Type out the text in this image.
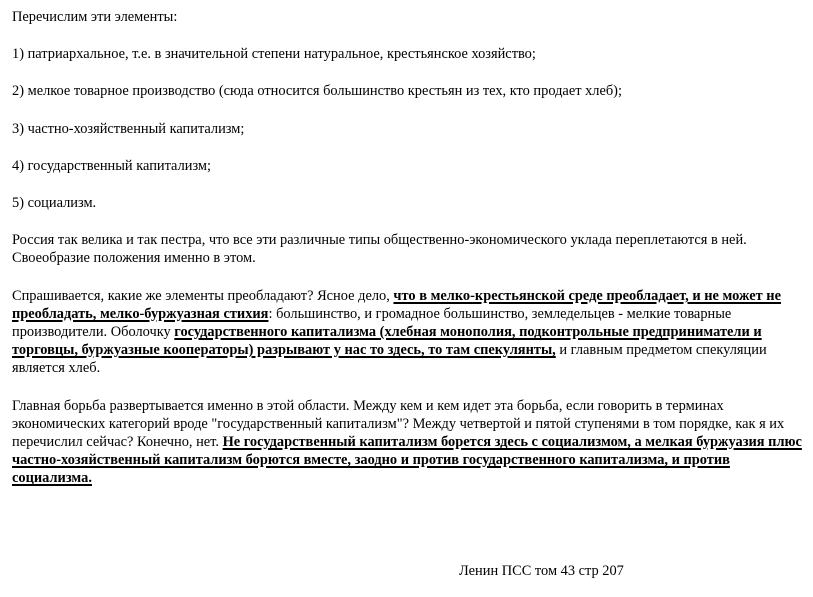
Перечислим эти элементы:

1) патриархальное, т.е. в значительной степени натуральное, крестьянское хозяйство;

2) мелкое товарное производство (сюда относится большинство крестьян из тех, кто продает хлеб);

3) частно-хозяйственный капитализм;

4) государственный капитализм;

5) социализм.

Россия так велика и так пестра, что все эти различные типы общественно-экономического уклада переплетаются в ней. Своеобразие положения именно в этом.

Спрашивается, какие же элементы преобладают? Ясное дело, что в мелко-крестьянской среде преобладает, и не может не преобладать, мелко-буржуазная стихия: большинство, и громадное большинство, земледельцев - мелкие товарные производители. Оболочку государственного капитализма (хлебная монополия, подконтрольные предприниматели и торговцы, буржуазные кооператоры) разрывают у нас то здесь, то там спекулянты, и главным предметом спекуляции является хлеб.

Главная борьба развертывается именно в этой области. Между кем и кем идет эта борьба, если говорить в терминах экономических категорий вроде "государственный капитализм"? Между четвертой и пятой ступенями в том порядке, как я их перечислил сейчас? Конечно, нет. Не государственный капитализм борется здесь с социализмом, а мелкая буржуазия плюс частно-хозяйственный капитализм борются вместе, заодно и против государственного капитализма, и против социализма.

Ленин ПСС том 43 стр 207
